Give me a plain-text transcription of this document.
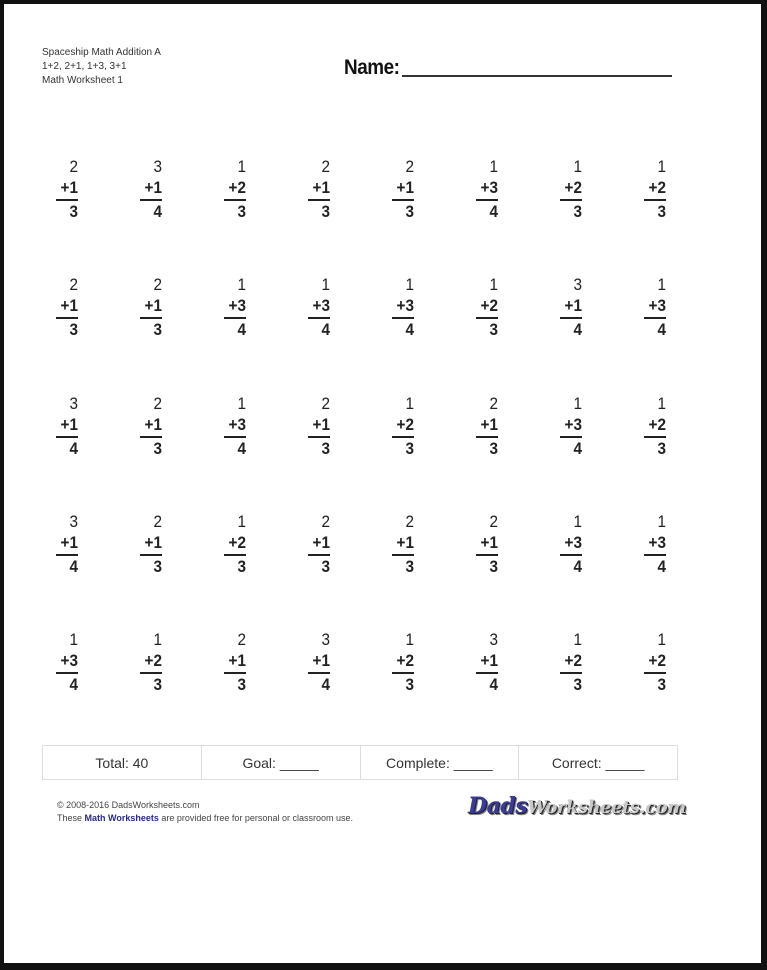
Spaceship Math Addition A
1+2, 2+1, 1+3, 3+1
Math Worksheet 1
Name:
2
+1
3
3
+1
4
1
+2
3
2
+1
3
2
+1
3
1
+3
4
1
+2
3
1
+2
3
2
+1
3
2
+1
3
1
+3
4
1
+3
4
1
+3
4
1
+2
3
3
+1
4
1
+3
4
3
+1
4
2
+1
3
1
+3
4
2
+1
3
1
+2
3
2
+1
3
1
+3
4
1
+2
3
3
+1
4
2
+1
3
1
+2
3
2
+1
3
2
+1
3
2
+1
3
1
+3
4
1
+3
4
1
+3
4
1
+2
3
2
+1
3
3
+1
4
1
+2
3
3
+1
4
1
+2
3
1
+2
3
Total: 40	Goal: _____	Complete: _____	Correct: _____
© 2008-2016 DadsWorksheets.com
These Math Worksheets are provided free for personal or classroom use.	DadsWorksheets.com
